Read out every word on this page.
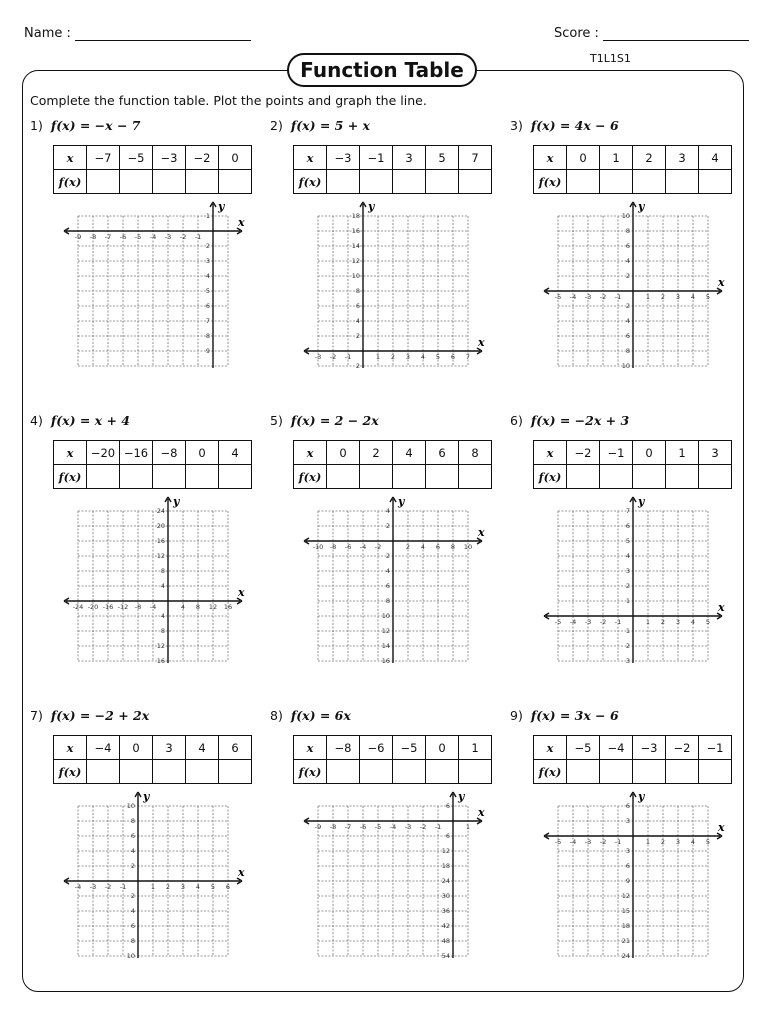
Name :	Score :
T1L1S1
Function Table
Complete the function table. Plot the points and graph the line.
1) f(x) = −x − 7
x	−7	−5	−3	−2	0
f(x)					
x
y
-9 -8 -7 -6 -5 -4 -3 -2 -1
1
2
3
4
5
6
7
8
9
2) f(x) = 5 + x
x	−3	−1	3	5	7
f(x)					
x
y
-3 -2 -1	1 2 3 4 5 6 7
18
16
14
12
10
8
6
4
2
2
3) f(x) = 4x − 6
x	0	1	2	3	4
f(x)					
x
y
-5 -4 -3 -2 -1	1 2 3 4 5
10
8
6
4
2
2
4
6
8
10
4) f(x) = x + 4
x	−20	−16	−8	0	4
f(x)					
x
y
-24 -20 -16 -12 -8 -4	4 8 12 16
24
20
16
12
8
4
4
8
12
16
5) f(x) = 2 − 2x
x	0	2	4	6	8
f(x)					
x
y
-10 -8 -6 -4 -2	2 4 6 8 10
4
2
2
4
6
8
10
12
14
16
6) f(x) = −2x + 3
x	−2	−1	0	1	3
f(x)					
x
y
-5 -4 -3 -2 -1	1 2 3 4 5
7
6
5
4
3
2
1
1
2
3
7) f(x) = −2 + 2x
x	−4	0	3	4	6
f(x)					
x
y
-4 -3 -2 -1	1 2 3 4 5 6
10
8
6
4
2
2
4
6
8
10
8) f(x) = 6x
x	−8	−6	−5	0	1
f(x)					
x
y
-9 -8 -7 -6 -5 -4 -3 -2 -1	1
6
6
12
18
24
30
36
42
48
54
9) f(x) = 3x − 6
x	−5	−4	−3	−2	−1
f(x)					
x
y
-5 -4 -3 -2 -1	1 2 3 4 5
6
3
3
6
9
12
15
18
21
24
